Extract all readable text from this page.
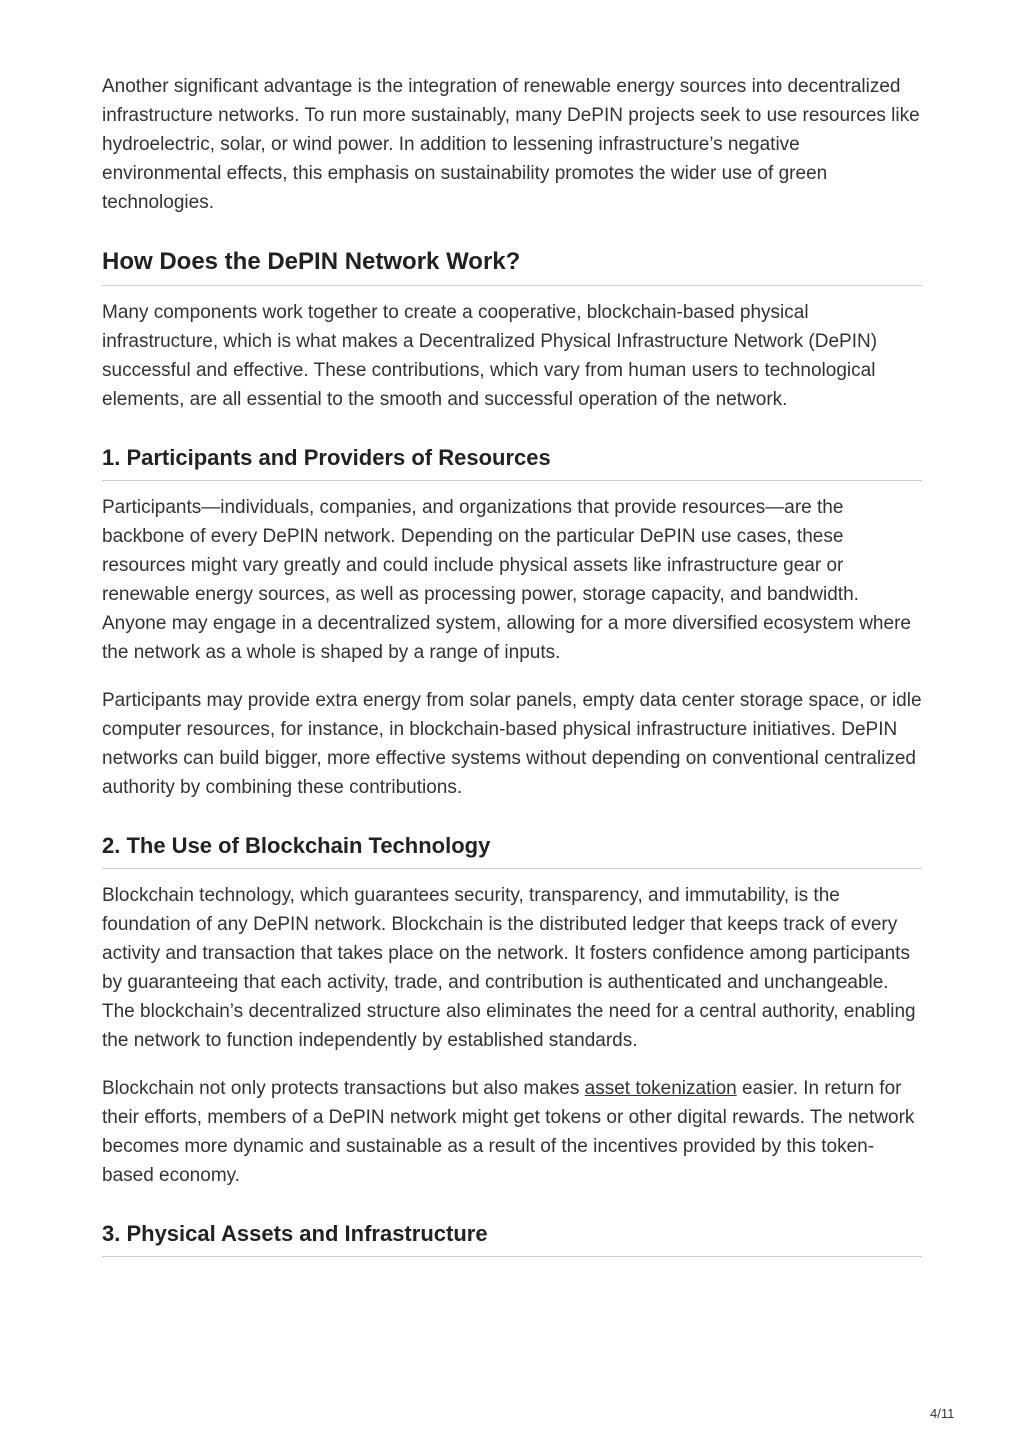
Another significant advantage is the integration of renewable energy sources into decentralized infrastructure networks. To run more sustainably, many DePIN projects seek to use resources like hydroelectric, solar, or wind power. In addition to lessening infrastructure’s negative environmental effects, this emphasis on sustainability promotes the wider use of green technologies.

How Does the DePIN Network Work?

Many components work together to create a cooperative, blockchain-based physical infrastructure, which is what makes a Decentralized Physical Infrastructure Network (DePIN) successful and effective. These contributions, which vary from human users to technological elements, are all essential to the smooth and successful operation of the network.

1. Participants and Providers of Resources

Participants—individuals, companies, and organizations that provide resources—are the backbone of every DePIN network. Depending on the particular DePIN use cases, these resources might vary greatly and could include physical assets like infrastructure gear or renewable energy sources, as well as processing power, storage capacity, and bandwidth. Anyone may engage in a decentralized system, allowing for a more diversified ecosystem where the network as a whole is shaped by a range of inputs.

Participants may provide extra energy from solar panels, empty data center storage space, or idle computer resources, for instance, in blockchain-based physical infrastructure initiatives. DePIN networks can build bigger, more effective systems without depending on conventional centralized authority by combining these contributions.

2. The Use of Blockchain Technology

Blockchain technology, which guarantees security, transparency, and immutability, is the foundation of any DePIN network. Blockchain is the distributed ledger that keeps track of every activity and transaction that takes place on the network. It fosters confidence among participants by guaranteeing that each activity, trade, and contribution is authenticated and unchangeable. The blockchain’s decentralized structure also eliminates the need for a central authority, enabling the network to function independently by established standards.

Blockchain not only protects transactions but also makes asset tokenization easier. In return for their efforts, members of a DePIN network might get tokens or other digital rewards. The network becomes more dynamic and sustainable as a result of the incentives provided by this token-based economy.

3. Physical Assets and Infrastructure
4/11
